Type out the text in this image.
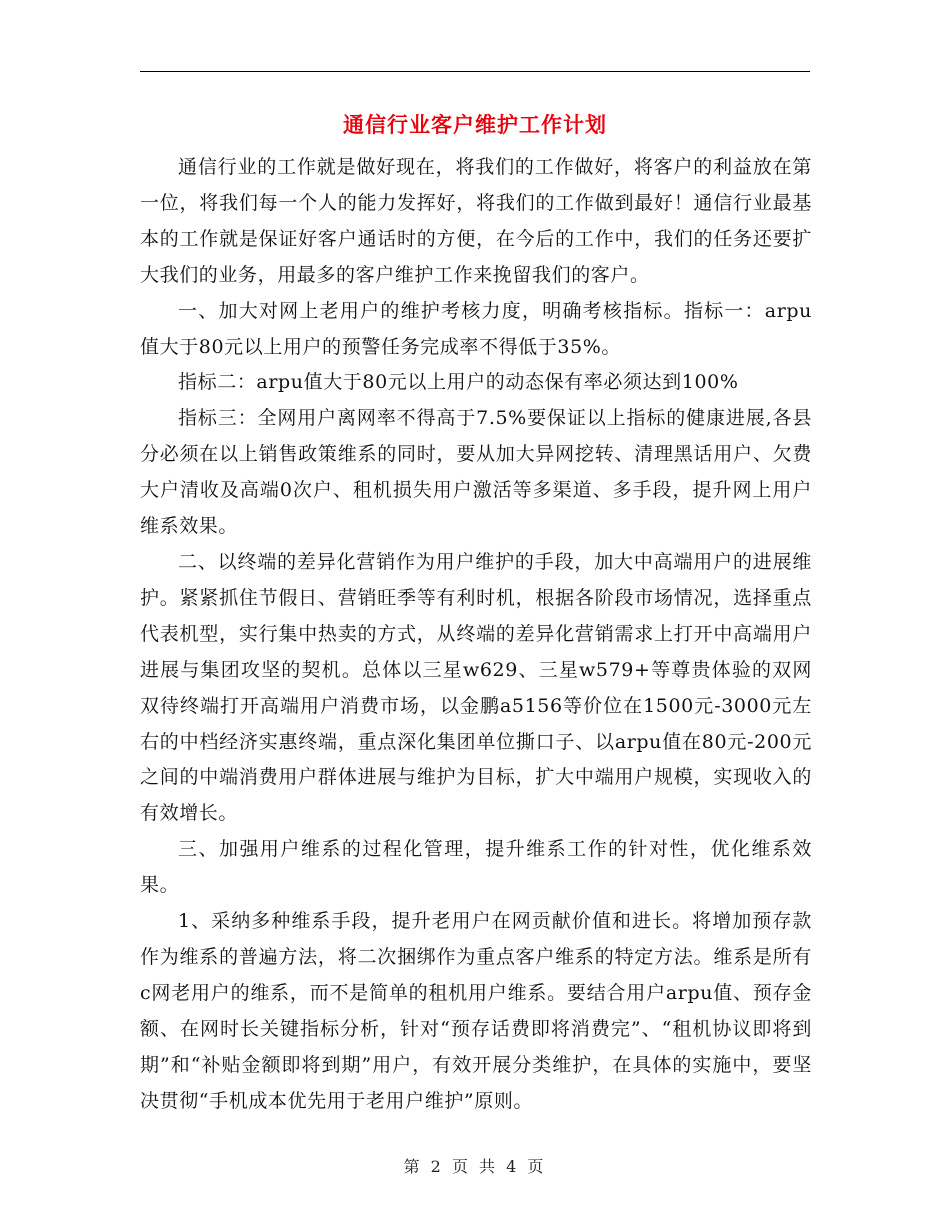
通信行业客户维护工作计划

通信行业的工作就是做好现在，将我们的工作做好，将客户的利益放在第一位，将我们每一个人的能力发挥好，将我们的工作做到最好！通信行业最基本的工作就是保证好客户通话时的方便，在今后的工作中，我们的任务还要扩大我们的业务，用最多的客户维护工作来挽留我们的客户。

一、加大对网上老用户的维护考核力度，明确考核指标。指标一：arpu值大于80元以上用户的预警任务完成率不得低于35%。

指标二：arpu值大于80元以上用户的动态保有率必须达到100%

指标三：全网用户离网率不得高于7.5%要保证以上指标的健康进展,各县分必须在以上销售政策维系的同时，要从加大异网挖转、清理黑话用户、欠费大户清收及高端0次户、租机损失用户激活等多渠道、多手段，提升网上用户维系效果。

二、以终端的差异化营销作为用户维护的手段，加大中高端用户的进展维护。紧紧抓住节假日、营销旺季等有利时机，根据各阶段市场情况，选择重点代表机型，实行集中热卖的方式，从终端的差异化营销需求上打开中高端用户进展与集团攻坚的契机。总体以三星w629、三星w579+等尊贵体验的双网双待终端打开高端用户消费市场，以金鹏a5156等价位在1500元-3000元左右的中档经济实惠终端，重点深化集团单位撕口子、以arpu值在80元-200元之间的中端消费用户群体进展与维护为目标，扩大中端用户规模，实现收入的有效增长。

三、加强用户维系的过程化管理，提升维系工作的针对性，优化维系效果。

1、采纳多种维系手段，提升老用户在网贡献价值和进长。将增加预存款作为维系的普遍方法，将二次捆绑作为重点客户维系的特定方法。维系是所有c网老用户的维系，而不是简单的租机用户维系。要结合用户arpu值、预存金额、在网时长关键指标分析，针对“预存话费即将消费完”、“租机协议即将到期”和“补贴金额即将到期”用户，有效开展分类维护，在具体的实施中，要坚决贯彻“手机成本优先用于老用户维护”原则。

第 2 页 共 4 页
